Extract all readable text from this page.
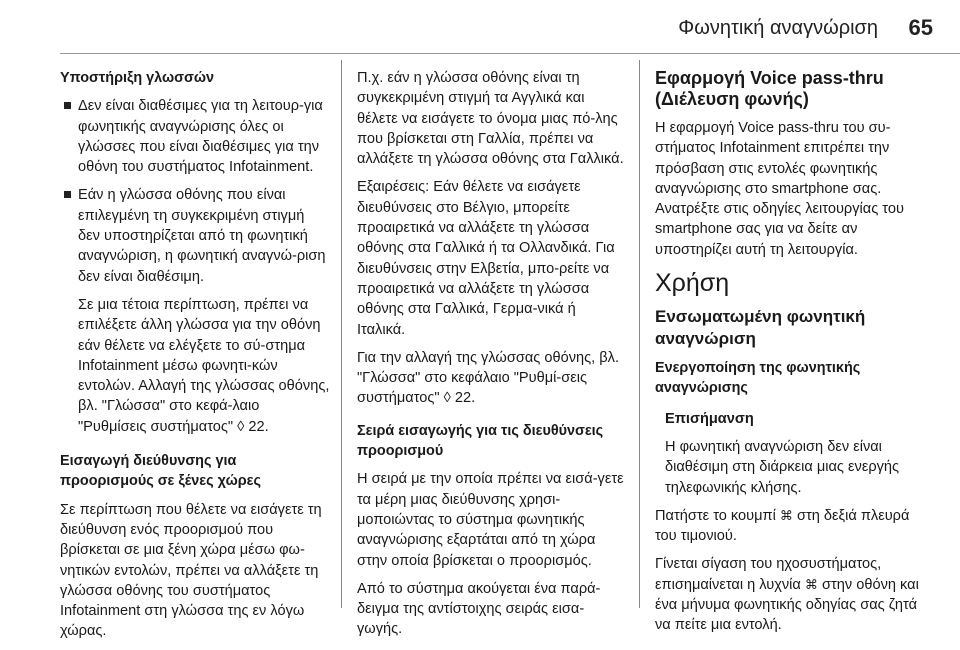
Φωνητική αναγνώριση 65

Υποστήριξη γλωσσών

Δεν είναι διαθέσιμες για τη λειτουρ-για φωνητικής αναγνώρισης όλες οι γλώσσες που είναι διαθέσιμες για την οθόνη του συστήματος Infotainment.

Εάν η γλώσσα οθόνης που είναι επιλεγμένη τη συγκεκριμένη στιγμή δεν υποστηρίζεται από τη φωνητική αναγνώριση, η φωνητική αναγνώ-ριση δεν είναι διαθέσιμη.

Σε μια τέτοια περίπτωση, πρέπει να επιλέξετε άλλη γλώσσα για την οθόνη εάν θέλετε να ελέγξετε το σύ-στημα Infotainment μέσω φωνητι-κών εντολών. Αλλαγή της γλώσσας οθόνης, βλ. "Γλώσσα" στο κεφά-λαιο "Ρυθμίσεις συστήματος" ◊ 22.

Εισαγωγή διεύθυνσης για προορισμούς σε ξένες χώρες

Σε περίπτωση που θέλετε να εισάγετε τη διεύθυνση ενός προορισμού που βρίσκεται σε μια ξένη χώρα μέσω φω-νητικών εντολών, πρέπει να αλλάξετε τη γλώσσα οθόνης του συστήματος Infotainment στη γλώσσα της εν λόγω χώρας.

Π.χ. εάν η γλώσσα οθόνης είναι τη συγκεκριμένη στιγμή τα Αγγλικά και θέλετε να εισάγετε το όνομα μιας πό-λης που βρίσκεται στη Γαλλία, πρέπει να αλλάξετε τη γλώσσα οθόνης στα Γαλλικά.

Εξαιρέσεις: Εάν θέλετε να εισάγετε διευθύνσεις στο Βέλγιο, μπορείτε προαιρετικά να αλλάξετε τη γλώσσα οθόνης στα Γαλλικά ή τα Ολλανδικά. Για διευθύνσεις στην Ελβετία, μπο-ρείτε να προαιρετικά να αλλάξετε τη γλώσσα οθόνης στα Γαλλικά, Γερμα-νικά ή Ιταλικά.

Για την αλλαγή της γλώσσας οθόνης, βλ. "Γλώσσα" στο κεφάλαιο "Ρυθμί-σεις συστήματος" ◊ 22.

Σειρά εισαγωγής για τις διευθύνσεις προορισμού

Η σειρά με την οποία πρέπει να εισά-γετε τα μέρη μιας διεύθυνσης χρησι-μοποιώντας το σύστημα φωνητικής αναγνώρισης εξαρτάται από τη χώρα στην οποία βρίσκεται ο προορισμός.

Από το σύστημα ακούγεται ένα παρά-δειγμα της αντίστοιχης σειράς εισα-γωγής.

Εφαρμογή Voice pass-thru (Διέλευση φωνής)

Η εφαρμογή Voice pass-thru του συ-στήματος Infotainment επιτρέπει την πρόσβαση στις εντολές φωνητικής αναγνώρισης στο smartphone σας. Ανατρέξτε στις οδηγίες λειτουργίας του smartphone σας για να δείτε αν υποστηρίζει αυτή τη λειτουργία.

Χρήση

Ενσωματωμένη φωνητική αναγνώριση

Ενεργοποίηση της φωνητικής αναγνώρισης

Επισήμανση

Η φωνητική αναγνώριση δεν είναι διαθέσιμη στη διάρκεια μιας ενεργής τηλεφωνικής κλήσης.

Πατήστε το κουμπί ⌘ στη δεξιά πλευρά του τιμονιού.

Γίνεται σίγαση του ηχοσυστήματος, επισημαίνεται η λυχνία ⌘ στην οθόνη και ένα μήνυμα φωνητικής οδηγίας σας ζητά να πείτε μια εντολή.
